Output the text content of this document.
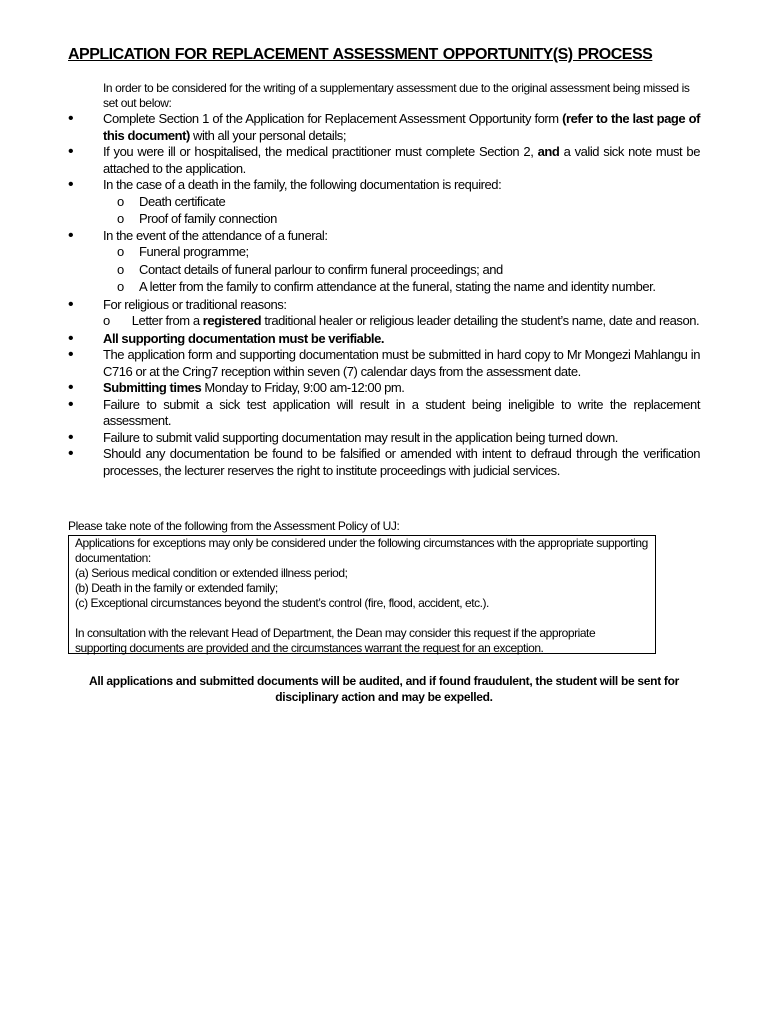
APPLICATION FOR REPLACEMENT ASSESSMENT OPPORTUNITY(S) PROCESS
In order to be considered for the writing of a supplementary assessment due to the original assessment being missed is set out below:
•
Complete Section 1 of the Application for Replacement Assessment Opportunity form (refer to the last page of this document) with all your personal details;
•
If you were ill or hospitalised, the medical practitioner must complete Section 2, and a valid sick note must be attached to the application.
•
In the case of a death in the family, the following documentation is required:
o Death certificate
o Proof of family connection
•
In the event of the attendance of a funeral:
o Funeral programme;
o Contact details of funeral parlour to confirm funeral proceedings; and
o A letter from the family to confirm attendance at the funeral, stating the name and identity number.
•
For religious or traditional reasons:
o Letter from a registered traditional healer or religious leader detailing the student’s name, date and reason.
•
All supporting documentation must be verifiable.
•
The application form and supporting documentation must be submitted in hard copy to Mr Mongezi Mahlangu in C716 or at the Cring7 reception within seven (7) calendar days from the assessment date.
•
Submitting times Monday to Friday, 9:00 am-12:00 pm.
•
Failure to submit a sick test application will result in a student being ineligible to write the replacement assessment.
•
Failure to submit valid supporting documentation may result in the application being turned down.
•
Should any documentation be found to be falsified or amended with intent to defraud through the verification processes, the lecturer reserves the right to institute proceedings with judicial services.
Please take note of the following from the Assessment Policy of UJ:
Applications for exceptions may only be considered under the following circumstances with the appropriate supporting documentation:
(a) Serious medical condition or extended illness period;
(b) Death in the family or extended family;
(c) Exceptional circumstances beyond the student’s control (fire, flood, accident, etc.).
In consultation with the relevant Head of Department, the Dean may consider this request if the appropriate supporting documents are provided and the circumstances warrant the request for an exception.
All applications and submitted documents will be audited, and if found fraudulent, the student will be sent for disciplinary action and may be expelled.
